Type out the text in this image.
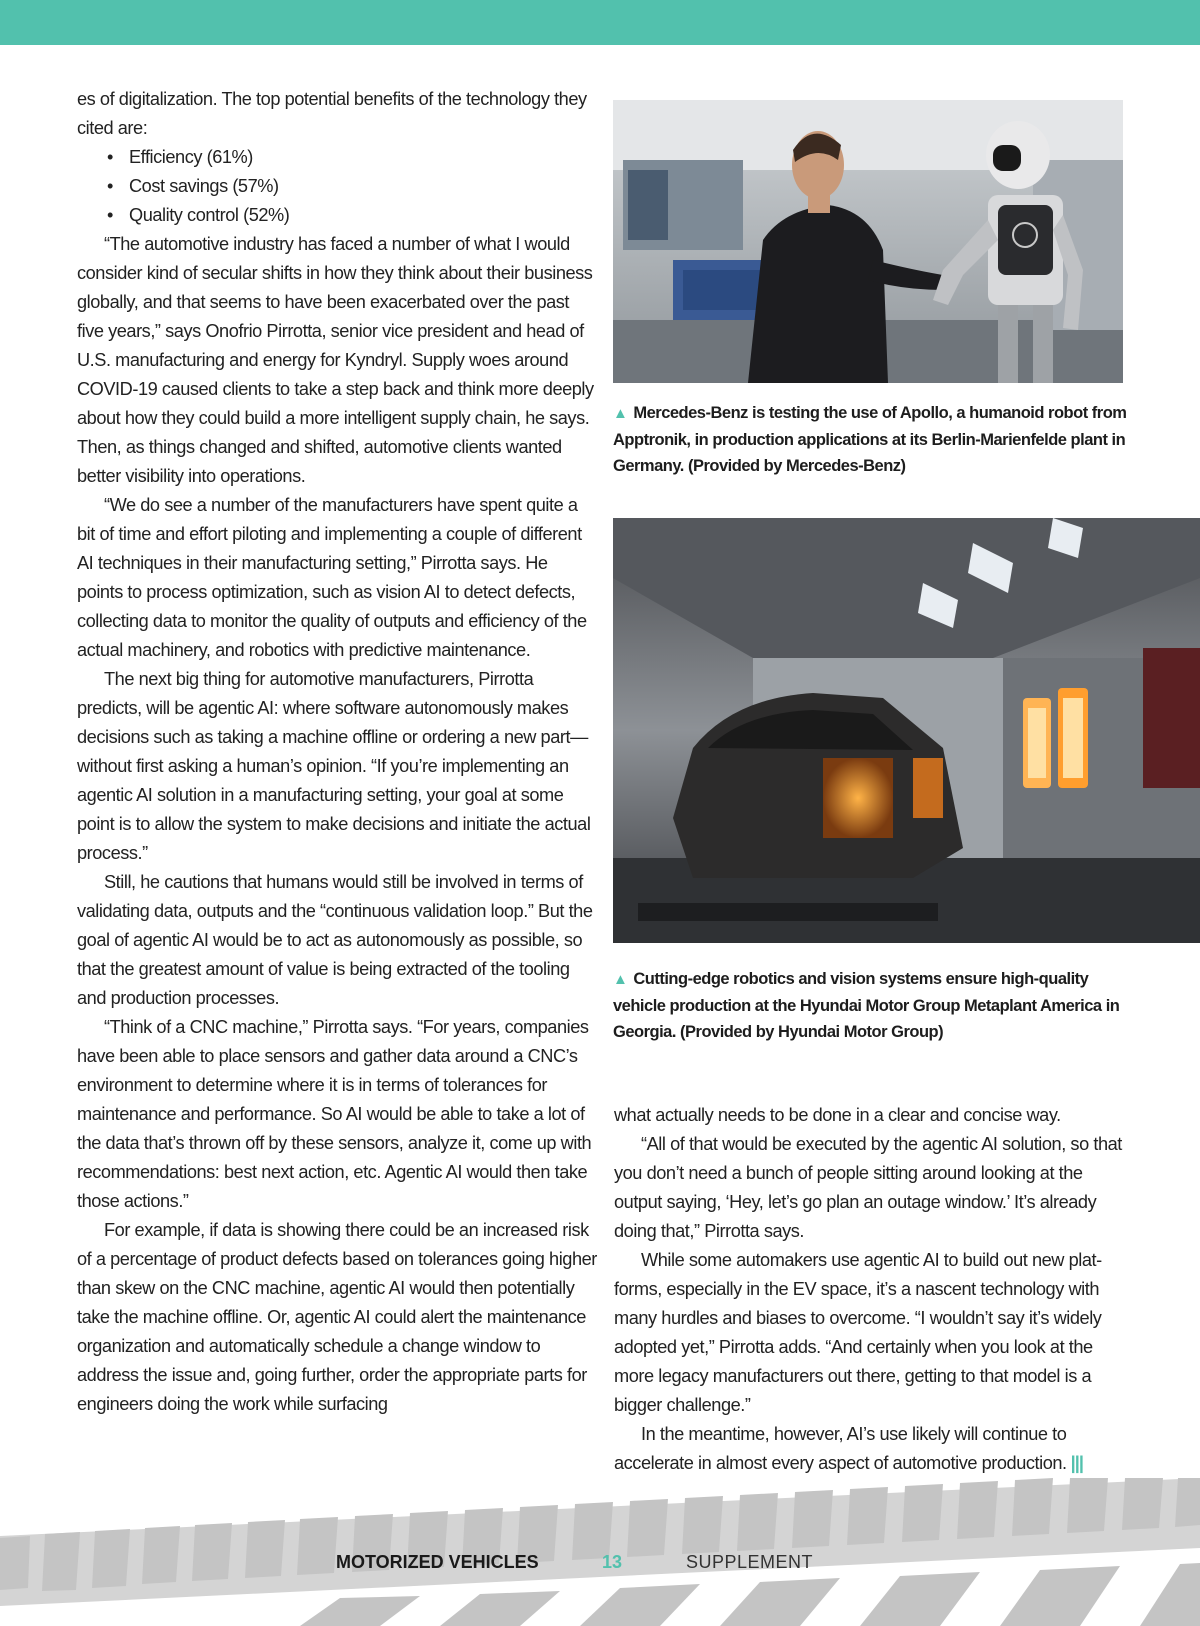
es of digitalization. The top potential benefits of the technology they cited are:

• Efficiency (61%)
• Cost savings (57%)
• Quality control (52%)

“The automotive industry has faced a number of what I would consider kind of secular shifts in how they think about their business globally, and that seems to have been exacerbated over the past five years,” says Onofrio Pirrotta, senior vice president and head of U.S. manufacturing and energy for Kyndryl. Supply woes around COVID-19 caused clients to take a step back and think more deeply about how they could build a more intelligent supply chain, he says. Then, as things changed and shifted, automotive clients wanted better visibility into operations.

“We do see a number of the manufacturers have spent quite a bit of time and effort piloting and implementing a couple of different AI techniques in their manufacturing setting,” Pirrotta says. He points to process optimization, such as vision AI to detect defects, collecting data to monitor the quality of outputs and efficiency of the actual machinery, and robotics with predictive maintenance.

The next big thing for automotive manufacturers, Pirrotta predicts, will be agentic AI: where software autonomously makes decisions such as taking a machine offline or ordering a new part—without first asking a human’s opinion. “If you’re implementing an agentic AI solution in a manufacturing setting, your goal at some point is to allow the system to make decisions and initiate the actual process.”

Still, he cautions that humans would still be involved in terms of validating data, outputs and the “continuous validation loop.” But the goal of agentic AI would be to act as autonomously as possible, so that the greatest amount of value is being extracted of the tooling and production processes.

“Think of a CNC machine,” Pirrotta says. “For years, companies have been able to place sensors and gather data around a CNC’s environment to determine where it is in terms of tolerances for maintenance and performance. So AI would be able to take a lot of the data that’s thrown off by these sensors, analyze it, come up with recommendations: best next action, etc. Agentic AI would then take those actions.”

For example, if data is showing there could be an increased risk of a percentage of product defects based on tolerances going higher than skew on the CNC machine, agentic AI would then potentially take the machine offline. Or, agentic AI could alert the maintenance organization and automatically schedule a change window to address the issue and, going further, order the appropriate parts for engineers doing the work while surfacing

▲ Mercedes-Benz is testing the use of Apollo, a humanoid robot from Apptronik, in production applications at its Berlin-Marienfelde plant in Germany. (Provided by Mercedes-Benz)
▲ Cutting-edge robotics and vision systems ensure high-quality vehicle production at the Hyundai Motor Group Metaplant America in Georgia. (Provided by Hyundai Motor Group)

what actually needs to be done in a clear and concise way.

“All of that would be executed by the agentic AI solution, so that you don’t need a bunch of people sitting around looking at the output saying, ‘Hey, let’s go plan an outage window.’ It’s already doing that,” Pirrotta says.

While some automakers use agentic AI to build out new platforms, especially in the EV space, it’s a nascent technology with many hurdles and biases to overcome. “I wouldn’t say it’s widely adopted yet,” Pirrotta adds. “And certainly when you look at the more legacy manufacturers out there, getting to that model is a bigger challenge.”

In the meantime, however, AI’s use likely will continue to accelerate in almost every aspect of automotive production. |||

MOTORIZED VEHICLES	13	SUPPLEMENT
